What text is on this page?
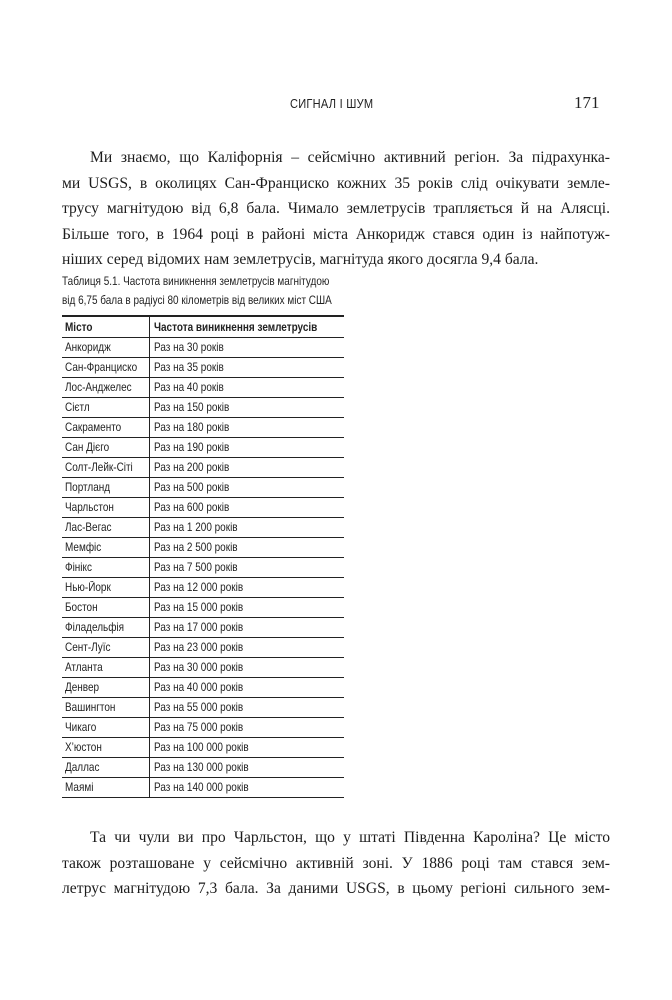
СИГНАЛ І ШУМ	171
Ми знаємо, що Каліфорнія – сейсмічно активний регіон. За підрахунка-
ми USGS, в околицях Сан-Франциско кожних 35 років слід очікувати земле-
трусу магнітудою від 6,8 бала. Чимало землетрусів трапляється й на Алясці.
Більше того, в 1964 році в районі міста Анкоридж стався один із найпотуж-
ніших серед відомих нам землетрусів, магнітуда якого досягла 9,4 бала.
Таблиця 5.1. Частота виникнення землетрусів магнітудою
від 6,75 бала в радіусі 80 кілометрів від великих міст США
Місто	Частота виникнення землетрусів
Анкоридж	Раз на 30 років
Сан-Франциско	Раз на 35 років
Лос-Анджелес	Раз на 40 років
Сієтл	Раз на 150 років
Сакраменто	Раз на 180 років
Сан Дієго	Раз на 190 років
Солт-Лейк-Сіті	Раз на 200 років
Портланд	Раз на 500 років
Чарльстон	Раз на 600 років
Лас-Вегас	Раз на 1 200 років
Мемфіс	Раз на 2 500 років
Фінікс	Раз на 7 500 років
Нью-Йорк	Раз на 12 000 років
Бостон	Раз на 15 000 років
Філадельфія	Раз на 17 000 років
Сент-Луїс	Раз на 23 000 років
Атланта	Раз на 30 000 років
Денвер	Раз на 40 000 років
Вашингтон	Раз на 55 000 років
Чикаго	Раз на 75 000 років
Х’юстон	Раз на 100 000 років
Даллас	Раз на 130 000 років
Маямі	Раз на 140 000 років
Та чи чули ви про Чарльстон, що у штаті Південна Кароліна? Це місто
також розташоване у сейсмічно активній зоні. У 1886 році там стався зем-
летрус магнітудою 7,3 бала. За даними USGS, в цьому регіоні сильного зем-
